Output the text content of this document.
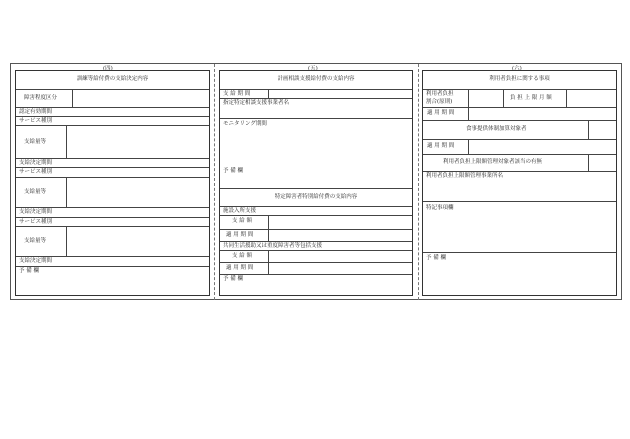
(四)	(五)	(六)
訓練等給付費の支給決定内容
障害程度区分
認定有効期間
サービス種別
支給量等
支給決定期間
サービス種別
支給量等
支給決定期間
サービス種別
支給量等
支給決定期間
予 備 欄
計画相談支援給付費の支給内容
支 給 期 間
指定特定相談支援事業者名
モニタリング期間
予 備 欄
特定障害者特別給付費の支給内容
施設入所支援
支 給 額
適 用 期 間
共同生活援助又は重度障害者等包括支援
支 給 額
適 用 期 間
予 備 欄
利用者負担に関する事項
利用者負担
割合(原則)
負 担 上 限 月 額
適 用 期 間
食事提供体制加算対象者
適 用 期 間
利用者負担上限額管理対象者該当の有無
利用者負担上限額管理事業所名
特記事項欄
予 備 欄
